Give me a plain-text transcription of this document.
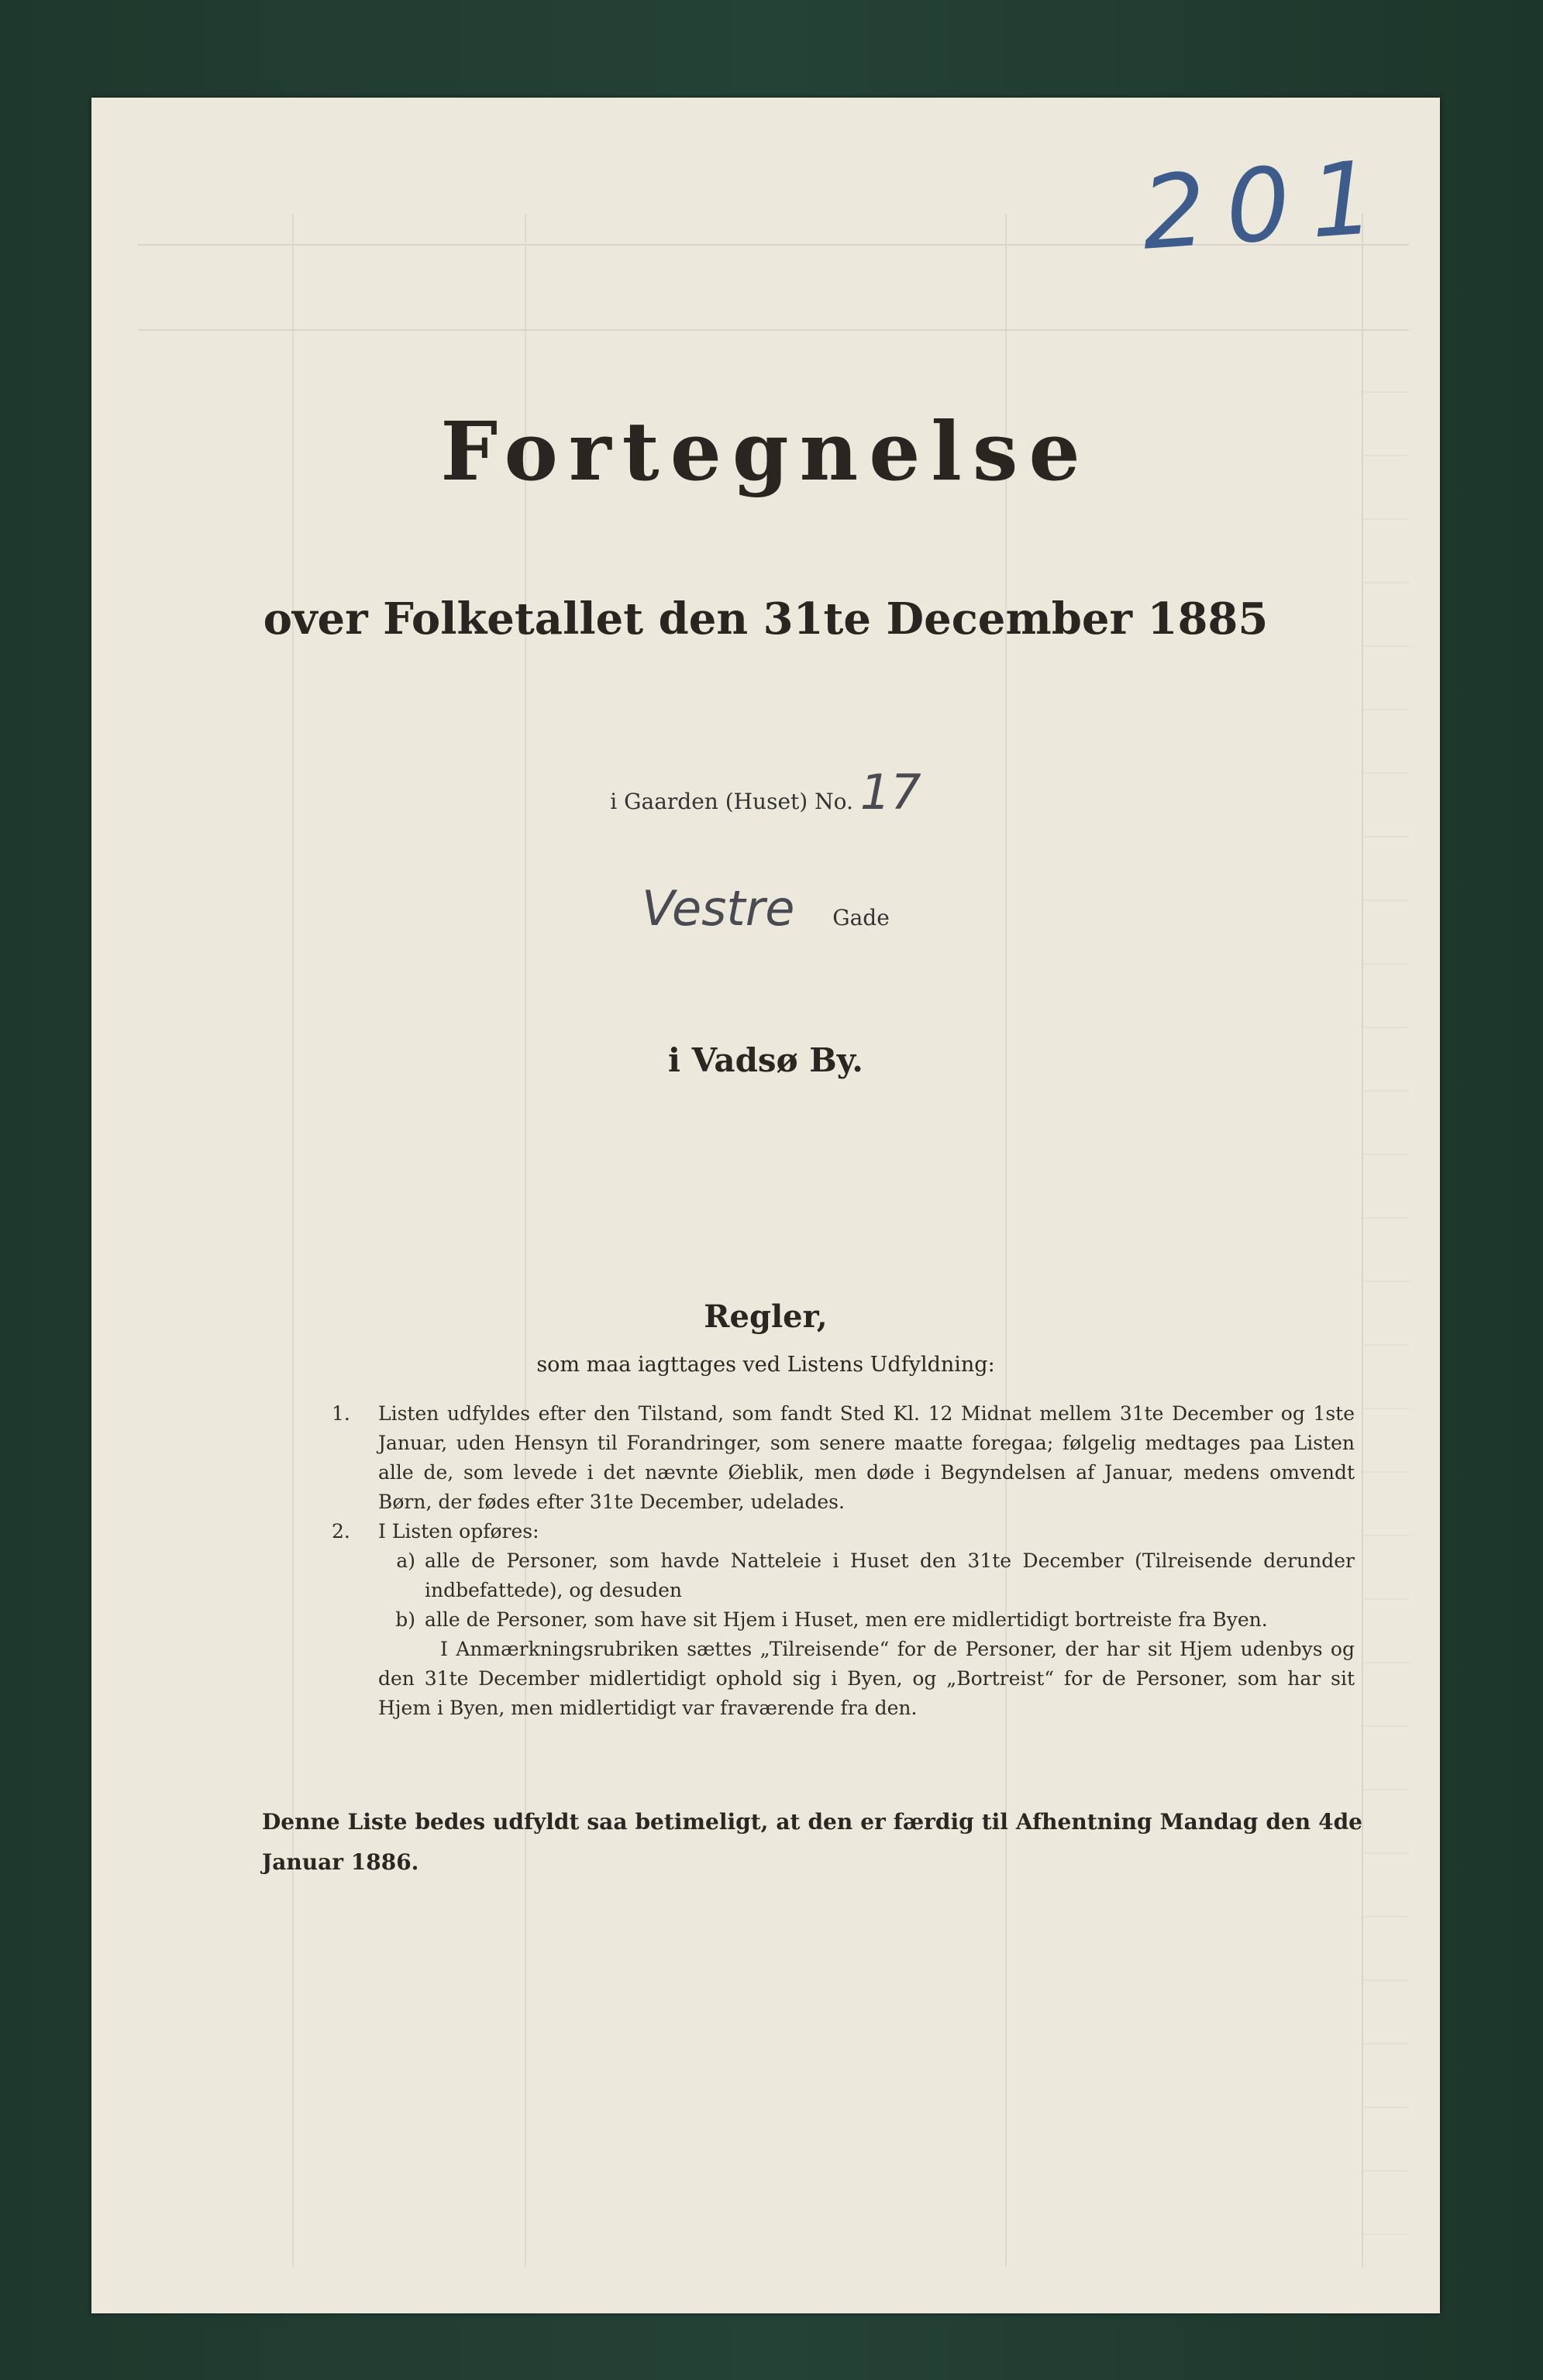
201
Fortegnelse
over Folketallet den 31te December 1885
i Gaarden (Huset) No. 17
Vestre Gade
i Vadsø By.
Regler,
som maa iagttages ved Listens Udfyldning:
1.	Listen udfyldes efter den Tilstand, som fandt Sted Kl. 12 Midnat mellem 31te December og 1ste Januar, uden Hensyn til Forandringer, som senere maatte foregaa; følgelig medtages paa Listen alle de, som levede i det nævnte Øieblik, men døde i Begyndelsen af Januar, medens omvendt Børn, der fødes efter 31te December, udelades.
2.	I Listen opføres:
a) alle de Personer, som havde Natteleie i Huset den 31te December (Tilreisende derunder indbefattede), og desuden
b) alle de Personer, som have sit Hjem i Huset, men ere midlertidigt bortreiste fra Byen.
I Anmærkningsrubriken sættes „Tilreisende“ for de Personer, der har sit Hjem udenbys og den 31te December midlertidigt ophold sig i Byen, og „Bortreist“ for de Personer, som har sit Hjem i Byen, men midlertidigt var fraværende fra den.
Denne Liste bedes udfyldt saa betimeligt, at den er færdig til Afhentning Mandag den 4de Januar 1886.
